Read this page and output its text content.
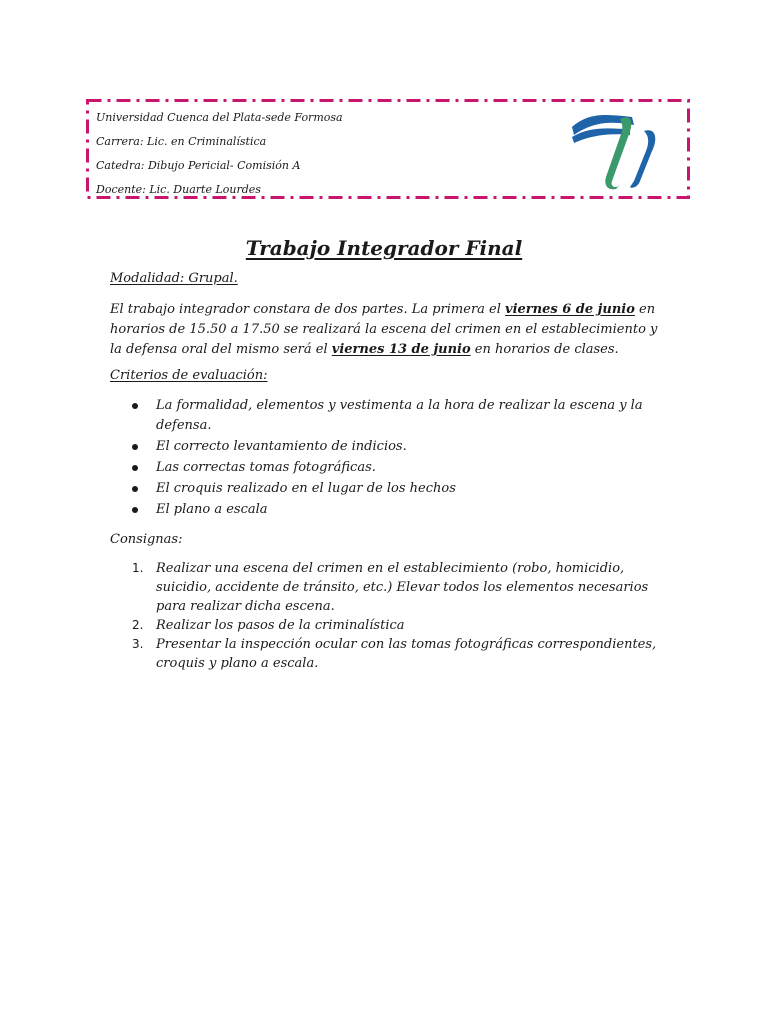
Universidad Cuenca del Plata-sede Formosa
Carrera: Lic. en Criminalística
Catedra: Dibujo Pericial- Comisión A
Docente: Lic. Duarte Lourdes
Trabajo Integrador Final
Modalidad: Grupal.
El trabajo integrador constara de dos partes. La primera el viernes 6 de junio en horarios de 15.50 a 17.50 se realizará la escena del crimen en el establecimiento y la defensa oral del mismo será el viernes 13 de junio en horarios de clases.
Criterios de evaluación:
La formalidad, elementos y vestimenta a la hora de realizar la escena y la defensa.
El correcto levantamiento de indicios.
Las correctas tomas fotográficas.
El croquis realizado en el lugar de los hechos
El plano a escala
Consignas:
1. Realizar una escena del crimen en el establecimiento (robo, homicidio, suicidio, accidente de tránsito, etc.) Elevar todos los elementos necesarios para realizar dicha escena.
2. Realizar los pasos de la criminalística
3. Presentar la inspección ocular con las tomas fotográficas correspondientes, croquis y plano a escala.
